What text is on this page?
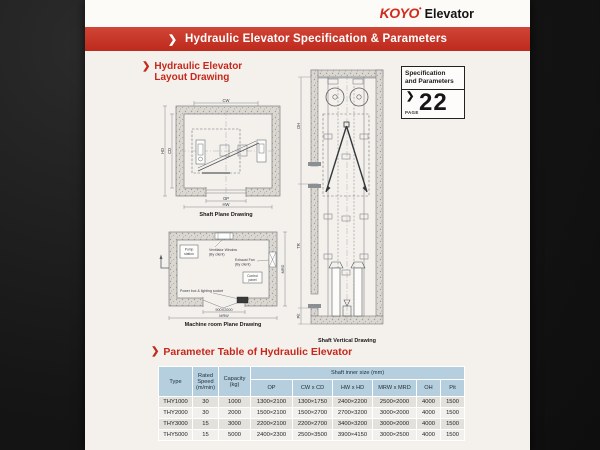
KOYO• Elevator
❯ Hydraulic Elevator Specification & Parameters
❯ Hydraulic Elevator
Layout Drawing	Specification
and Parameters
❯
PAGE 22
CW
OP
HW
CD
HD
Shaft Plane Drawing
Pump
station
Ventilator Window
(By client)
Exhaust Fan
(By client)
Control
panel
Power box & lighting socket
900X2000
MRW
MRD
Machine room Plane Drawing
OH
TR
Pit
Shaft Vertical Drawing
❯ Parameter Table of Hydraulic Elevator
Type	Rated
Speed
(m/min)	Capacity
(kg)	Shaft inner size (mm)					
			OP	CW x CD	HW x HD	MRW x MRD	OH	Pit
THY1000	30	1000	1300×2100	1300×1750	2400×2200	2500×2000	4000	1500
THY2000	30	2000	1500×2100	1500×2700	2700×3200	3000×2000	4000	1500
THY3000	15	3000	2200×2100	2200×2700	3400×3200	3000×2000	4000	1500
THY5000	15	5000	2400×2300	2500×3500	3900×4150	3000×2500	4000	1500
